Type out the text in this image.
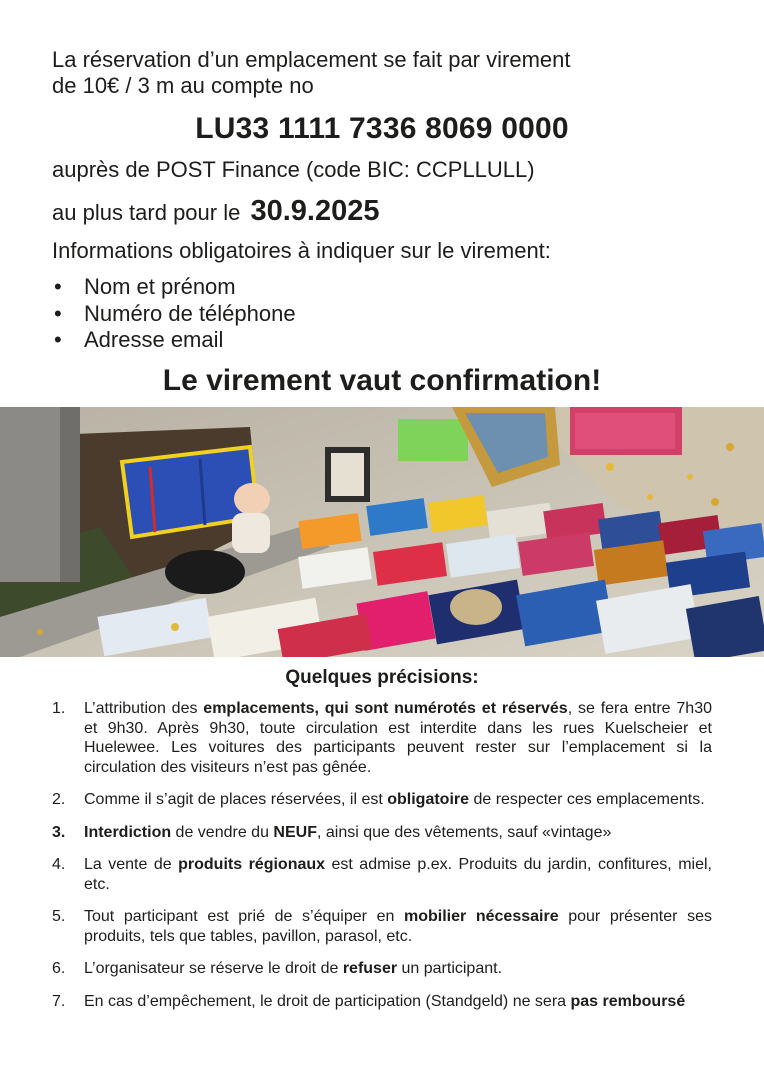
La réservation d’un emplacement se fait par virement
de 10€ / 3 m au compte no
LU33 1111 7336 8069 0000
auprès de POST Finance (code BIC: CCPLLULL)
au plus tard pour le 30.9.2025
Informations obligatoires à indiquer sur le virement:
• Nom et prénom
• Numéro de téléphone
• Adresse email
Le virement vaut confirmation!
Quelques précisions:
1. L’attribution des emplacements, qui sont numérotés et réservés, se fera entre 7h30 et 9h30. Après 9h30, toute circulation est interdite dans les rues Kuelscheier et Huelewee. Les voitures des participants peuvent rester sur l’emplacement si la circulation des visiteurs n’est pas gênée.
2. Comme il s’agit de places réservées, il est obligatoire de respecter ces emplacements.
3. Interdiction de vendre du NEUF, ainsi que des vêtements, sauf «vintage»
4. La vente de produits régionaux est admise p.ex. Produits du jardin, confitures, miel, etc.
5. Tout participant est prié de s’équiper en mobilier nécessaire pour présenter ses produits, tels que tables, pavillon, parasol, etc.
6. L’organisateur se réserve le droit de refuser un participant.
7. En cas d’empêchement, le droit de participation (Standgeld) ne sera pas remboursé
